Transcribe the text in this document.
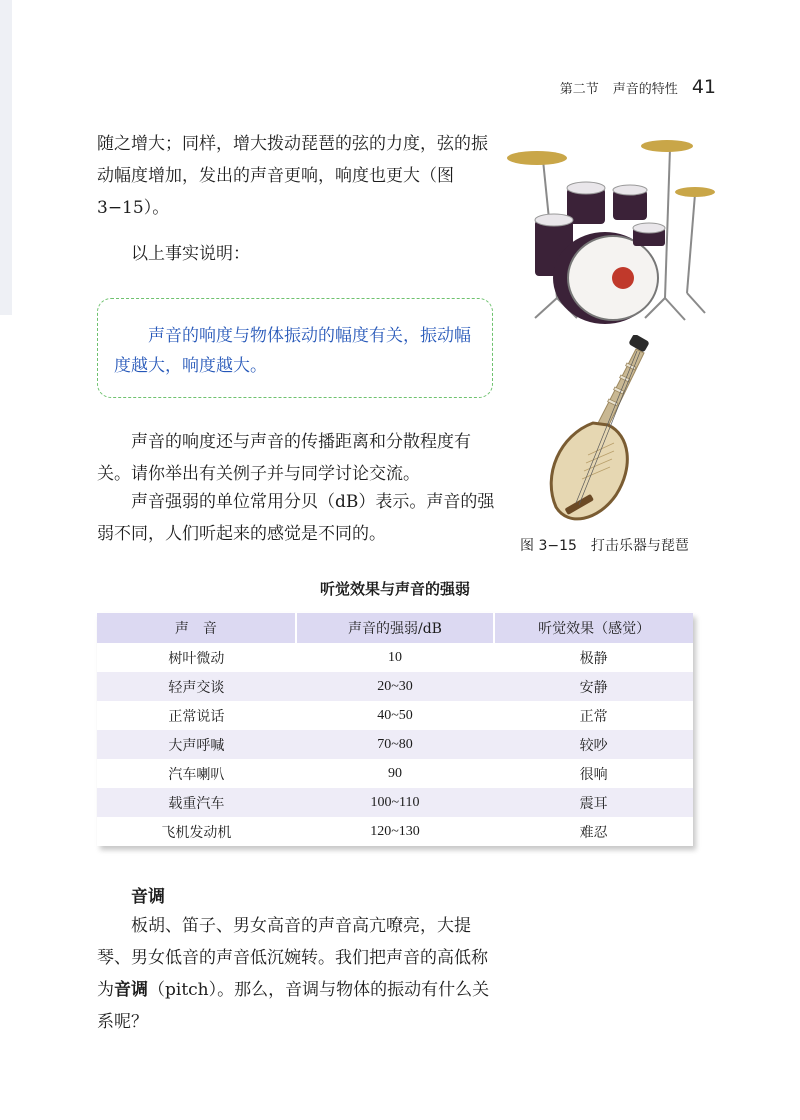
第二节 声音的特性 41

随之增大；同样，增大拨动琵琶的弦的力度，弦的振动幅度增加，发出的声音更响，响度也更大（图3−15）。

以上事实说明：

声音的响度与物体振动的幅度有关，振动幅度越大，响度越大。

声音的响度还与声音的传播距离和分散程度有关。请你举出有关例子并与同学讨论交流。

声音强弱的单位常用分贝（dB）表示。声音的强弱不同，人们听起来的感觉是不同的。

图 3−15 打击乐器与琵琶
听觉效果与声音的强弱
声　音	声音的强弱/dB	听觉效果（感觉）
树叶微动	10	极静
轻声交谈	20~30	安静
正常说话	40~50	正常
大声呼喊	70~80	较吵
汽车喇叭	90	很响
载重汽车	100~110	震耳
飞机发动机	120~130	难忍
音调

板胡、笛子、男女高音的声音高亢嘹亮，大提琴、男女低音的声音低沉婉转。我们把声音的高低称为音调（pitch）。那么，音调与物体的振动有什么关系呢？
